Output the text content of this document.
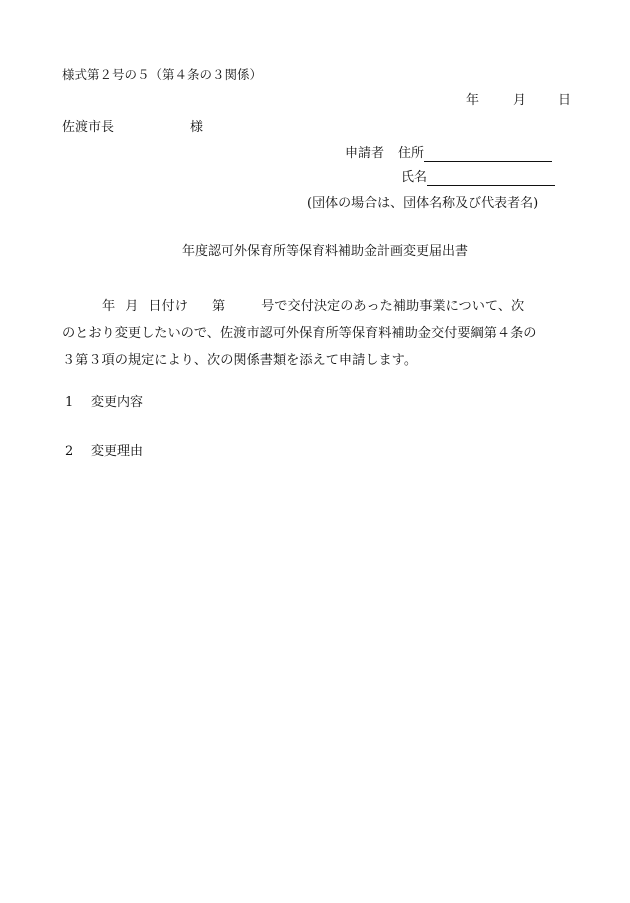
様式第２号の５（第４条の３関係）
年	月 日
佐渡市長	様
申請者 住所
氏名
(団体の場合は、団体名称及び代表者名)
年度認可外保育所等保育料補助金計画変更届出書
年 月 日付け 第	号で交付決定のあった補助事業について、次
のとおり変更したいので、佐渡市認可外保育所等保育料補助金交付要綱第４条の
３第３項の規定により、次の関係書類を添えて申請します。
1 変更内容
2 変更理由
